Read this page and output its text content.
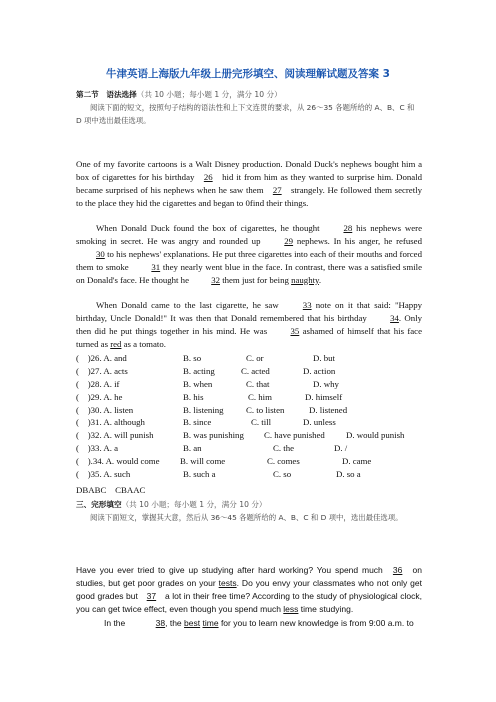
牛津英语上海版九年级上册完形填空、阅读理解试题及答案 3
第二节　语法选择（共 10 小题；每小题 1 分，满分 10 分）
阅读下面的短文，按照句子结构的语法性和上下文连贯的要求，从 26～35 各题所给的 A、B、C 和 D 项中选出最佳选项。
One of my favorite cartoons is a Walt Disney production. Donald Duck's nephews bought him a box of cigarettes for his birthday 26 hid it from him as they wanted to surprise him. Donald became surprised of his nephews when he saw them 27 strangely. He followed them secretly to the place they hid the cigarettes and began to 0find their things.
When Donald Duck found the box of cigarettes, he thought	28 his nephews were smoking in secret. He was angry and rounded up	29 nephews. In his anger, he refused 30 to his nephews' explanations. He put three cigarettes into each of their mouths and forced them to smoke	31 they nearly went blue in the face. In contrast, there was a satisfied smile on Donald's face. He thought he	32 them just for being naughty.
When Donald came to the last cigarette, he saw	33 note on it that said: "Happy birthday, Uncle Donald!" It was then that Donald remembered that his birthday	34. Only then did he put things together in his mind. He was	35 ashamed of himself that his face turned as red as a tomato.
(　)26. A. and	B. so	C. or	D. but
(　)27. A. acts	B. acting	C. acted	D. action
(　)28. A. if	B. when	C. that	D. why
(　)29. A. he	B. his	C. him	D. himself
(　)30. A. listen	B. listening	C. to listen	D. listened
(　)31. A. although	B. since	C. till	D. unless
(　)32. A. will punish	B. was punishing C. have punished D. would punish
(　)33. A. a	B. an	C. the	D. /
(　).34. A. would come B. will come	C. comes	D. came
(　)35. A. such	B. such a	C. so	D. so a
DBABC　CBAAC
三、完形填空（共 10 小题；每小题 1 分，满分 10 分）
阅读下面短文，掌握其大意，然后从 36～45 各题所给的 A、B、C 和 D 项中，选出最佳选项。
Have you ever tried to give up studying after hard working? You spend much 36 on studies, but get poor grades on your tests. Do you envy your classmates who not only get good grades but 37 a lot in their free time? According to the study of physiological clock, you can get twice effect, even though you spend much less time studying.
In the	38, the best time for you to learn new knowledge is from 9:00 a.m. to
